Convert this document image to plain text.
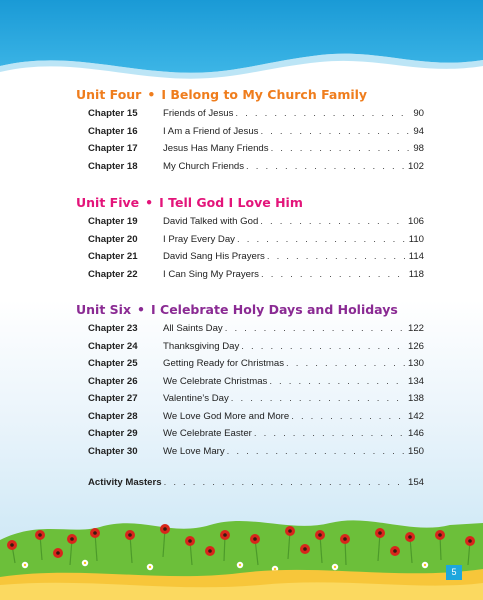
Unit Four • I Belong to My Church Family
Chapter 15	Friends of Jesus . . .	90
Chapter 16	I Am a Friend of Jesus . . .	94
Chapter 17	Jesus Has Many Friends . . .	98
Chapter 18	My Church Friends . . .	102
Unit Five • I Tell God I Love Him
Chapter 19	David Talked with God . . .	106
Chapter 20	I Pray Every Day . . .	110
Chapter 21	David Sang His Prayers . . .	114
Chapter 22	I Can Sing My Prayers . . .	118
Unit Six • I Celebrate Holy Days and Holidays
Chapter 23	All Saints Day . . .	122
Chapter 24	Thanksgiving Day . . .	126
Chapter 25	Getting Ready for Christmas . . .	130
Chapter 26	We Celebrate Christmas . . .	134
Chapter 27	Valentine’s Day . . .	138
Chapter 28	We Love God More and More . . .	142
Chapter 29	We Celebrate Easter . . .	146
Chapter 30	We Love Mary . . .	150
Activity Masters . . .	154
5
